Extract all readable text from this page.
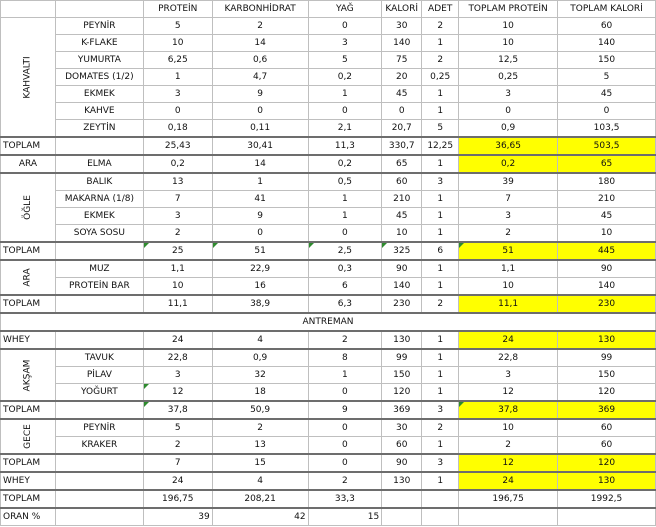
		PROTEİN	KARBONHİDRAT	YAĞ	KALORİ	ADET	TOPLAM PROTEİN	TOPLAM KALORİ
KAHVALTI	PEYNİR	5	2	0	30	2	10	60
	K-FLAKE	10	14	3	140	1	10	140
	YUMURTA	6,25	0,6	5	75	2	12,5	150
	DOMATES (1/2)	1	4,7	0,2	20	0,25	0,25	5
	EKMEK	3	9	1	45	1	3	45
	KAHVE	0	0	0	0	1	0	0
	ZEYTİN	0,18	0,11	2,1	20,7	5	0,9	103,5
TOPLAM		25,43	30,41	11,3	330,7	12,25	36,65	503,5
ARA	ELMA	0,2	14	0,2	65	1	0,2	65
ÖĞLE	BALIK	13	1	0,5	60	3	39	180
	MAKARNA (1/8)	7	41	1	210	1	7	210
	EKMEK	3	9	1	45	1	3	45
	SOYA SOSU	2	0	0	10	1	2	10
TOPLAM		25	51	2,5	325	6	51	445
ARA	MUZ	1,1	22,9	0,3	90	1	1,1	90
	PROTEİN BAR	10	16	6	140	1	10	140
TOPLAM		11,1	38,9	6,3	230	2	11,1	230
ANTREMAN								
WHEY		24	4	2	130	1	24	130
AKŞAM	TAVUK	22,8	0,9	8	99	1	22,8	99
	PİLAV	3	32	1	150	1	3	150
	YOĞURT	12	18	0	120	1	12	120
TOPLAM		37,8	50,9	9	369	3	37,8	369
GECE	PEYNİR	5	2	0	30	2	10	60
	KRAKER	2	13	0	60	1	2	60
TOPLAM		7	15	0	90	3	12	120
WHEY		24	4	2	130	1	24	130
TOPLAM		196,75	208,21	33,3			196,75	1992,5
ORAN %		39	42	15				
